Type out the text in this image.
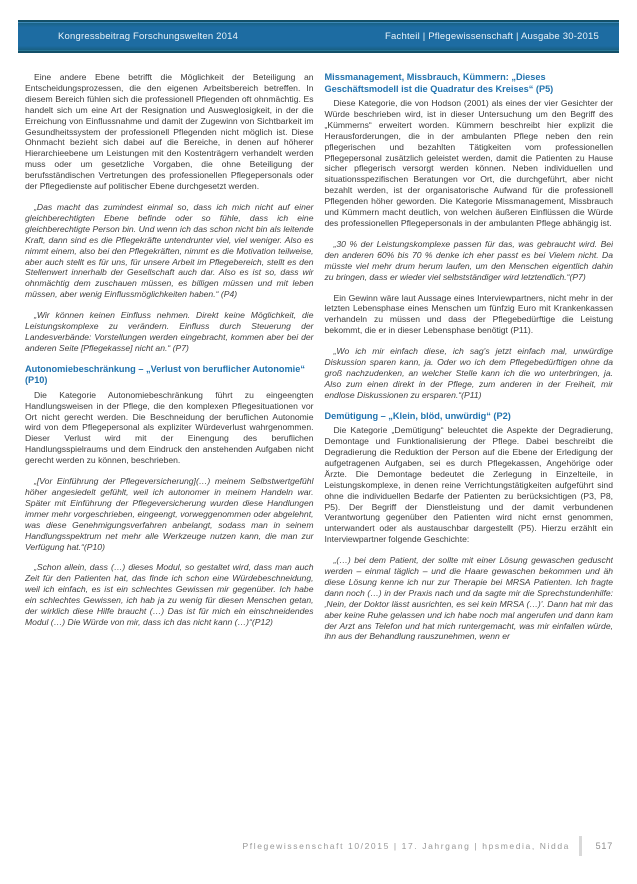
Kongressbeitrag Forschungswelten 2014	Fachteil | Pflegewissenschaft | Ausgabe 30-2015

Eine andere Ebene betrifft die Möglichkeit der Beteiligung an Entscheidungsprozessen, die den eigenen Arbeitsbereich betreffen. In diesem Bereich fühlen sich die professionell Pflegenden oft ohnmächtig. Es handelt sich um eine Art der Resignation und Ausweglosigkeit, in der die Erreichung von Einflussnahme und damit der Zugewinn von Sichtbarkeit im Gesundheitssystem der professionell Pflegenden nicht möglich ist. Diese Ohnmacht bezieht sich dabei auf die Bereiche, in denen auf höherer Hierarchieebene um Leistungen mit den Kostenträgern verhandelt werden muss oder um gesetzliche Vorgaben, die ohne Beteiligung der berufsständischen Vertretungen des professionellen Pflegepersonals oder der Pflegedienste auf politischer Ebene durchgesetzt werden.

„Das macht das zumindest einmal so, dass ich mich nicht auf einer gleichberechtigten Ebene befinde oder so fühle, dass ich eine gleichberechtigte Person bin. Und wenn ich das schon nicht bin als leitende Kraft, dann sind es die Pflegekräfte untendrunter viel, viel weniger. Also es nimmt einem, also bei den Pflegekräften, nimmt es die Motivation teilweise, aber auch stellt es für uns, für unsere Arbeit im Pflegebereich, stellt es den Stellenwert innerhalb der Gesellschaft auch dar. Also es ist so, dass wir ohnmächtig dem zuschauen müssen, es billigen müssen und mit leben müssen, aber wenig Einflussmöglichkeiten haben.“ (P4)

„Wir können keinen Einfluss nehmen. Direkt keine Möglichkeit, die Leistungskomplexe zu verändern. Einfluss durch Steuerung der Landesverbände: Vorstellungen werden eingebracht, kommen aber bei der anderen Seite [Pflegekasse] nicht an.“ (P7)

Autonomiebeschränkung – „Verlust von beruflicher Autonomie“ (P10)

Die Kategorie Autonomiebeschränkung führt zu eingeengten Handlungsweisen in der Pflege, die den komplexen Pflegesituationen vor Ort nicht gerecht werden. Die Beschneidung der beruflichen Autonomie wird von dem Pflegepersonal als expliziter Würdeverlust wahrgenommen. Dieser Verlust wird mit der Einengung des beruflichen Handlungsspielraums und dem Eindruck den anstehenden Aufgaben nicht gerecht werden zu können, beschrieben.

„[Vor Einführung der Pflegeversicherung](…) meinem Selbstwertgefühl höher angesiedelt gefühlt, weil ich autonomer in meinem Handeln war. Später mit Einführung der Pflegeversicherung wurden diese Handlungen immer mehr vorgeschrieben, eingeengt, vorweggenommen oder abgelehnt, was diese Genehmigungsverfahren anbelangt, sodass man in seinem Handlungsspektrum net mehr alle Werkzeuge nutzen kann, die man zur Verfügung hat.“(P10)

„Schon allein, dass (…) dieses Modul, so gestaltet wird, dass man auch Zeit für den Patienten hat, das finde ich schon eine Würdebeschneidung, weil ich einfach, es ist ein schlechtes Gewissen mir gegenüber. Ich habe ein schlechtes Gewissen, ich hab ja zu wenig für diesen Menschen getan, der wirklich diese Hilfe braucht (…) Das ist für mich ein einschneidendes Modul (…) Die Würde von mir, dass ich das nicht kann (…)“(P12)

Missmanagement, Missbrauch, Kümmern: „Dieses Geschäftsmodell ist die Quadratur des Kreises“ (P5)

Diese Kategorie, die von Hodson (2001) als eines der vier Gesichter der Würde beschrieben wird, ist in dieser Untersuchung um den Begriff des „Kümmerns“ erweitert worden. Kümmern beschreibt hier explizit die Herausforderungen, die in der ambulanten Pflege neben den rein pflegerischen und bezahlten Tätigkeiten vom professionellen Pflegepersonal zusätzlich geleistet werden, damit die Patienten zu Hause sicher pflegerisch versorgt werden können. Neben individuellen und situationsspezifischen Beratungen vor Ort, die durchgeführt, aber nicht bezahlt werden, ist der organisatorische Aufwand für die professionell Pflegenden höher geworden. Die Kategorie Missmanagement, Missbrauch und Kümmern macht deutlich, von welchen äußeren Einflüssen die Würde des professionellen Pflegepersonals in der ambulanten Pflege abhängig ist.

„30 % der Leistungskomplexe passen für das, was gebraucht wird. Bei den anderen 60% bis 70 % denke ich eher passt es bei Vielem nicht. Da müsste viel mehr drum herum laufen, um den Menschen eigentlich dahin zu bringen, dass er wieder viel selbstständiger wird letztendlich.“(P7)

Ein Gewinn wäre laut Aussage eines Interviewpartners, nicht mehr in der letzten Lebensphase eines Menschen um fünfzig Euro mit Krankenkassen verhandeln zu müssen und dass der Pflegebedürftige die Leistung bekommt, die er in dieser Lebensphase benötigt (P11).

„Wo ich mir einfach diese, ich sag's jetzt einfach mal, unwürdige Diskussion sparen kann, ja. Oder wo ich dem Pflegebedürftigen ohne da groß nachzudenken, an welcher Stelle kann ich die wo unterbringen, ja. Also zum einen direkt in der Pflege, zum anderen in der Freiheit, mir endlose Diskussionen zu ersparen.“(P11)

Demütigung – „Klein, blöd, unwürdig“ (P2)

Die Kategorie „Demütigung“ beleuchtet die Aspekte der Degradierung, Demontage und Funktionalisierung der Pflege. Dabei beschreibt die Degradierung die Reduktion der Person auf die Ebene der Erledigung der aufgetragenen Aufgaben, sei es durch Pflegekassen, Angehörige oder Ärzte. Die Demontage bedeutet die Zerlegung in Einzelteile, in Leistungskomplexe, in denen reine Verrichtungstätigkeiten aufgeführt sind ohne die individuellen Bedarfe der Patienten zu berücksichtigen (P3, P8, P5). Der Begriff der Dienstleistung und der damit verbundenen Verantwortung gegenüber den Patienten wird nicht ernst genommen, unterwandert oder als austauschbar dargestellt (P5). Hierzu erzählt ein Interviewpartner folgende Geschichte:

„(…) bei dem Patient, der sollte mit einer Lösung gewaschen geduscht werden – einmal täglich – und die Haare gewaschen bekommen und äh diese Lösung kenne ich nur zur Therapie bei MRSA Patienten. Ich fragte dann noch (…) in der Praxis nach und da sagte mir die Sprechstundenhilfe: ‚Nein, der Doktor lässt ausrichten, es sei kein MRSA (…)'. Dann hat mir das aber keine Ruhe gelassen und ich habe noch mal angerufen und dann kam der Arzt ans Telefon und hat mich runtergemacht, was mir einfallen würde, ihn aus der Behandlung rauszunehmen, wenn er

Pflegewissenschaft 10/2015 | 17. Jahrgang | hpsmedia, Nidda	517
